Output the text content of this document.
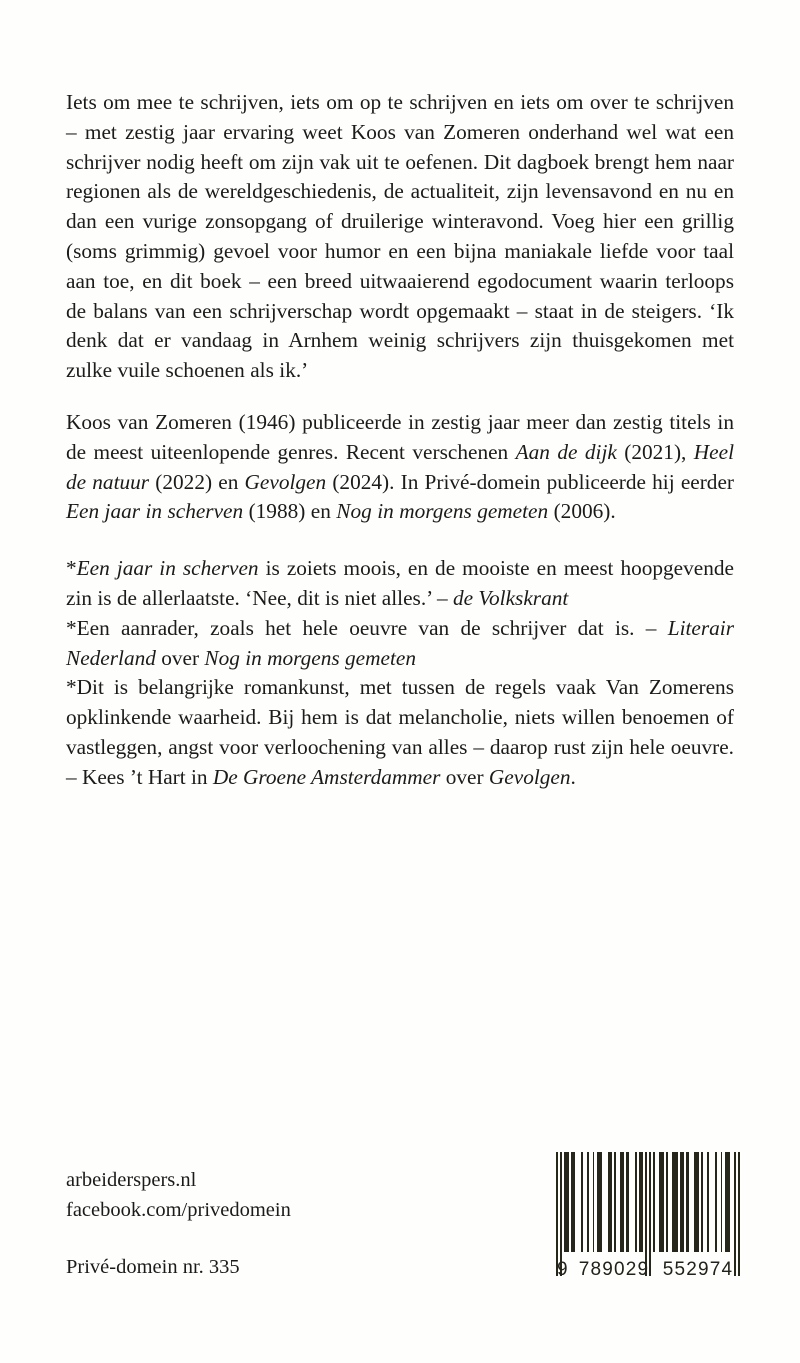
Iets om mee te schrijven, iets om op te schrijven en iets om over te schrijven – met zestig jaar ervaring weet Koos van Zomeren onderhand wel wat een schrijver nodig heeft om zijn vak uit te oefenen. Dit dagboek brengt hem naar regionen als de wereldgeschiedenis, de actualiteit, zijn levensavond en nu en dan een vurige zonsopgang of druilerige winteravond. Voeg hier een grillig (soms grimmig) gevoel voor humor en een bijna maniakale liefde voor taal aan toe, en dit boek – een breed uitwaaierend egodocument waarin terloops de balans van een schrijverschap wordt opgemaakt – staat in de steigers. ‘Ik denk dat er vandaag in Arnhem weinig schrijvers zijn thuisgekomen met zulke vuile schoenen als ik.’

Koos van Zomeren (1946) publiceerde in zestig jaar meer dan zestig titels in de meest uiteenlopende genres. Recent verschenen Aan de dijk (2021), Heel de natuur (2022) en Gevolgen (2024). In Privé-domein publiceerde hij eerder Een jaar in scherven (1988) en Nog in morgens gemeten (2006).

*Een jaar in scherven is zoiets moois, en de mooiste en meest hoopgevende zin is de allerlaatste. ‘Nee, dit is niet alles.’ – de Volkskrant

*Een aanrader, zoals het hele oeuvre van de schrijver dat is. – Literair Nederland over Nog in morgens gemeten

*Dit is belangrijke romankunst, met tussen de regels vaak Van Zomerens opklinkende waarheid. Bij hem is dat melancholie, niets willen benoemen of vastleggen, angst voor verloochening van alles – daarop rust zijn hele oeuvre. – Kees ’t Hart in De Groene Amsterdammer over Gevolgen.

arbeiderspers.nl
facebook.com/privedomein
Privé-domein nr. 335	9 789029 552974
